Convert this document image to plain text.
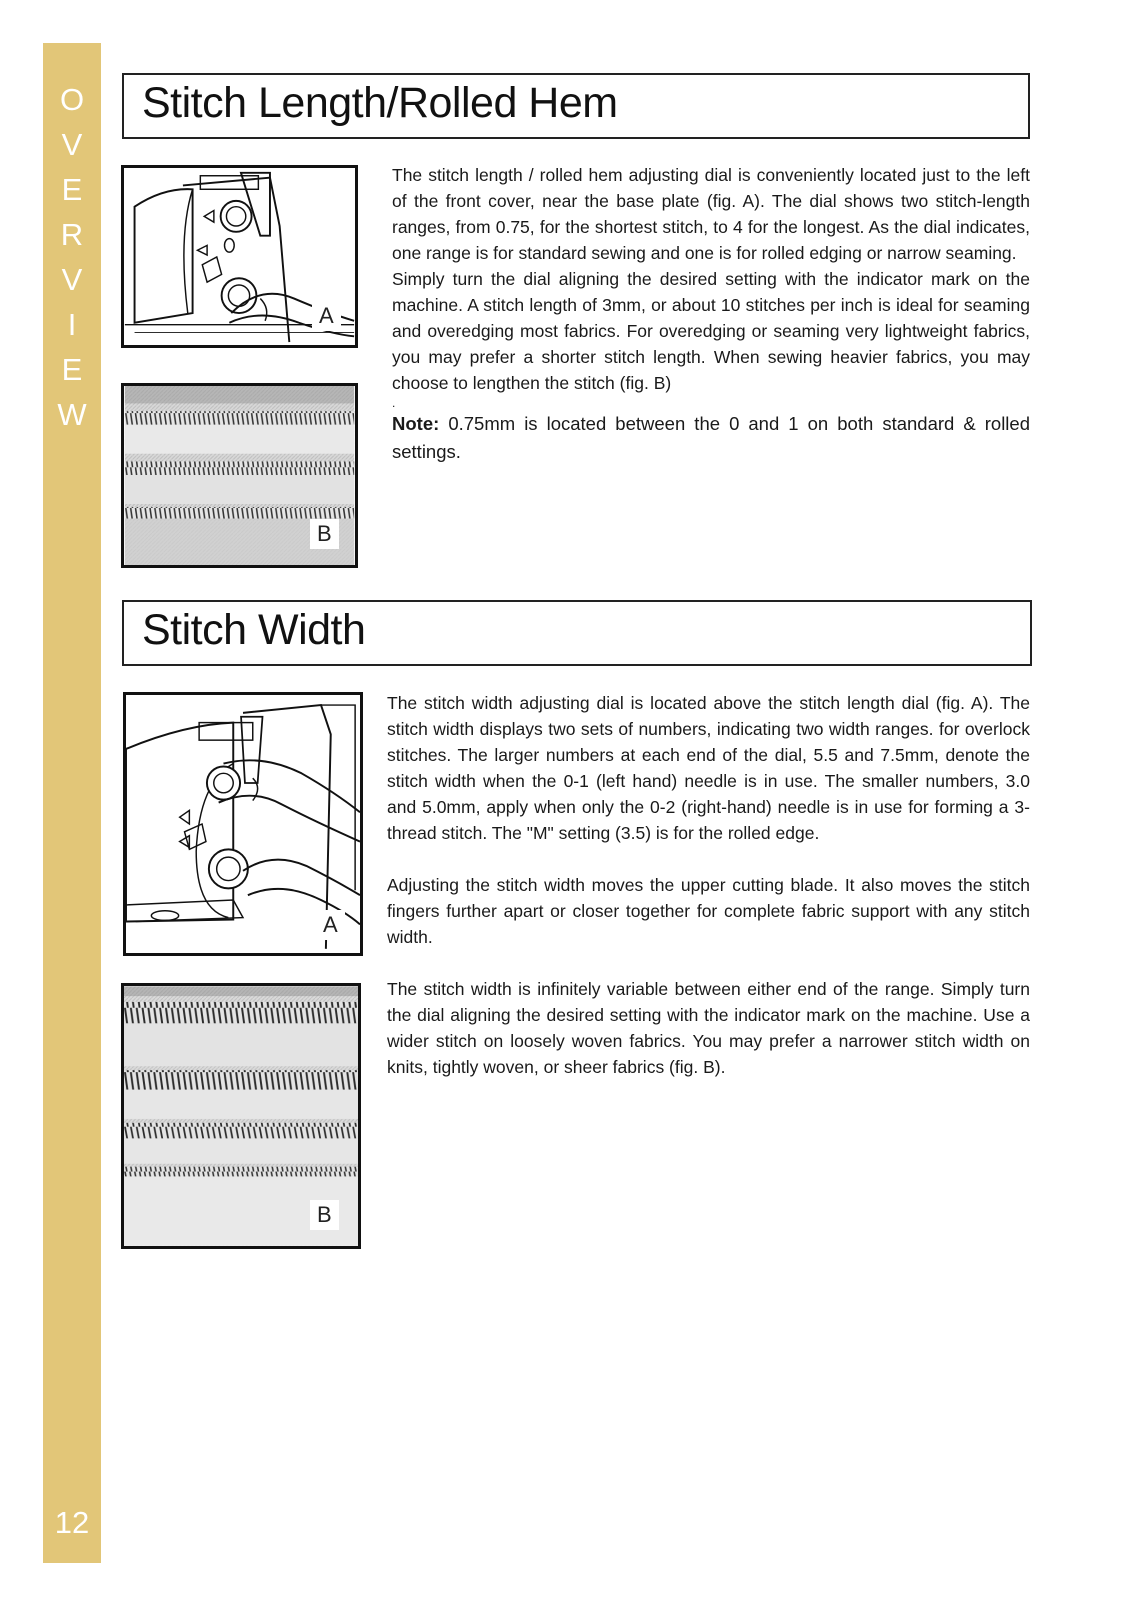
O
V
E
R
V
I
E
W
12
Stitch Length/Rolled Hem
A
B

The stitch length / rolled hem adjusting dial is conveniently located just to the left of the front cover, near the base plate (fig. A). The dial shows two stitch-length ranges, from 0.75, for the shortest stitch, to 4 for the longest. As the dial indicates, one range is for standard sewing and one is for rolled edging or narrow seaming.

Simply turn the dial aligning the desired setting with the indicator mark on the machine. A stitch length of 3mm, or about 10 stitches per inch is ideal for seaming and overedging most fabrics. For overedging or seaming very lightweight fabrics, you may prefer a shorter stitch length. When sewing heavier fabrics, you may choose to lengthen the stitch (fig. B)

.

Note: 0.75mm is located between the 0 and 1 on both standard & rolled settings.

Stitch Width
A
B

The stitch width adjusting dial is located above the stitch length dial (fig. A). The stitch width displays two sets of numbers, indicating two width ranges. for overlock stitches. The larger numbers at each end of the dial, 5.5 and 7.5mm, denote the stitch width when the 0-1 (left hand) needle is in use. The smaller numbers, 3.0 and 5.0mm, apply when only the 0-2 (right-hand) needle is in use for forming a 3-thread stitch. The "M" setting (3.5) is for the rolled edge.

Adjusting the stitch width moves the upper cutting blade. It also moves the stitch fingers further apart or closer together for complete fabric support with any stitch width.

The stitch width is infinitely variable between either end of the range. Simply turn the dial aligning the desired setting with the indicator mark on the machine. Use a wider stitch on loosely woven fabrics. You may prefer a narrower stitch width on knits, tightly woven, or sheer fabrics (fig. B).
